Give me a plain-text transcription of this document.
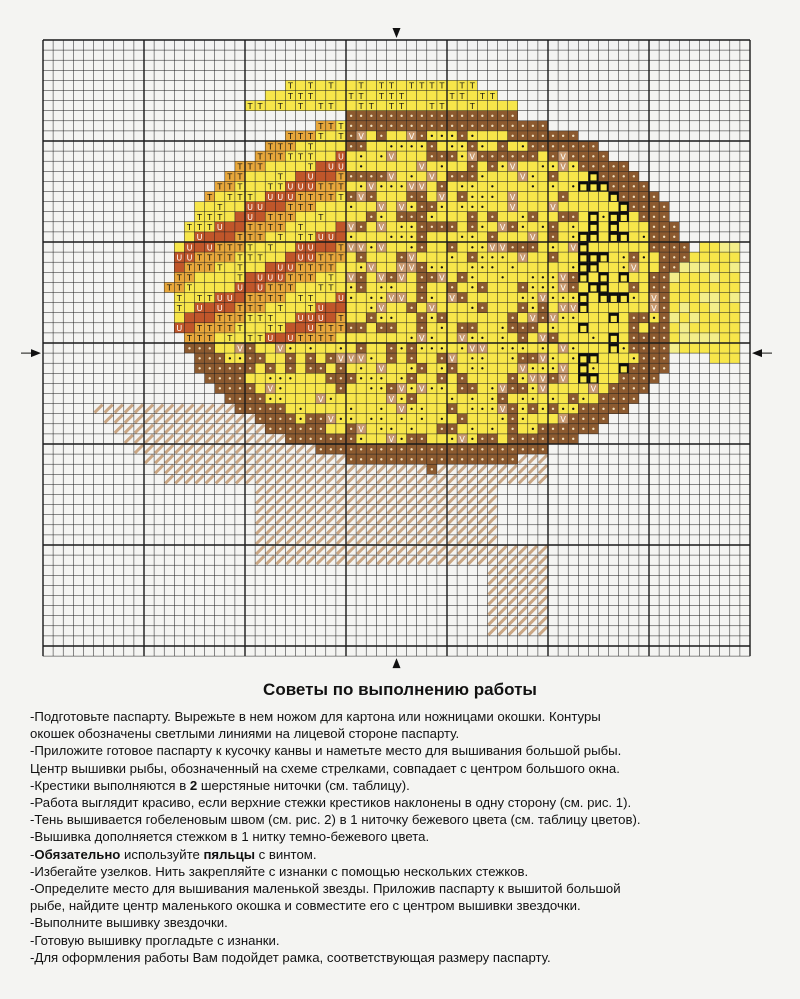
T T T	T T T T T T T T T
T T T	T T T T T	T T T T
T T T T T T	T T T T	T T	T
• • • • • • • • • • • • • • • • •
T T T • • • • • • • • • • • • • • • • • • • •
T T T T T • V •	V • • • • • •	• • • • • • •
T T T T	• •	• • • • • • • • • • • • • • • • • •
T T T T T T	U • • V	• • • • V • • • • • • • V • • • •
T T T	T U U •	V •	• • • V	• • V • • • • • •
T T	T	U	T • • • • V • V • • • •	V • •	■ • • • •
T T T	T T U U U T T T • V • • • V V • • • •	• • • ■ ■ ■ • • • •
T T T T U U U T T T T T • V •	• • V • • • • V	•	■ • • • •
T	U U	T T T	•	V V • • • • • • •	V	V	■ • • • •
T T T	U T T T	T	• • • • • •	• •	• •	• • ■ • ■ ■ • • •
T T T U	T T T T T	V • V • • • • • • • • V • • • • • ■ ■	• • •
U	T T T T T T U U •	• • • •	• • •	V • • ■ ■ ■ ■ • • • •
U U T T T T T	U U	T V V • V	• •	• • • V V • • • • V ■	• • • •
U U T T T T T T T	U U T T T •	• V	• • • • • V	•	■ ■ ■ • • • • • •
T T T T T	U U T T T T	• V	V V • • •	• • • •	• ■ ■	• V	• •
T T	T U U U T T T T V • V • V • • V • •	•	• • • V • ■ ■ ■	• •
T T T	U U T T T	T T • • • •	•	• • •	• • • • V • ■ ■	• • •
T T T U U T T T T T T	U • • • V V • • V •	• • V • • • ■ ■ ■ ■ • V •
T U U T T T T	T U	• V	• V	• •	• • • V V ■	V •
T T T T T T	U U U T	• • •	• • •	• V • V • •	■ • • • •
U T T T T T	T T	U T T T • • • •	• • • •	• • • • •	■	• • •
T T T T T T U U T T T T	• V •	V • • • • V •	• ■ • • • •
• • •	V •	V • •	• •	• • • • • • • V V • • • • V •	■ • • • • •
• • • • • • •	• • • V V V • • •	• V • •	• • • V • • ■ ■	• • • •
• • • • • • • • • • • • V	• • • • • •	V • • • V ■ •	■ • • • •
• • • •	• • •	• • • • • • • •	• •	• • V V • V ■ ■	• • • •
• • • • V •	•	• • • V • V • • • • • V • • • V	V • • • •
• • • • • •	V •	V • •	• • • • • • • • • • • • •
• • • • • •	•	• V • •	• • • • V • • • • • • • • • • • •
• • • • • • • V • • • • • • • •	• • •	V • • • •
• • • • • •	• V • • •	• • • • • • • • • • • •
• • • • • • • •	V • • •	• V • • • • • • • • • •
• • • • • • • • • • • • • • • • • • • • • • •
• • • • • • • • • • • • • • • • •
•
Советы по выполнению работы
-Подготовьте паспарту. Вырежьте в нем ножом для картона или ножницами окошки. Контуры
окошек обозначены светлыми линиями на лицевой стороне паспарту.
-Приложите готовое паспарту к кусочку канвы и наметьте место для вышивания большой рыбы.
Центр вышивки рыбы, обозначенный на схеме стрелками, совпадает с центром большого окна.
-Крестики выполняются в 2 шерстяные ниточки (см. таблицу).
-Работа выглядит красиво, если верхние стежки крестиков наклонены в одну сторону (см. рис. 1).
-Тень вышивается гобеленовым швом (см. рис. 2) в 1 ниточку бежевого цвета (см. таблицу цветов).
-Вышивка дополняется стежком в 1 нитку темно-бежевого цвета.
-Обязательно используйте пяльцы с винтом.
-Избегайте узелков. Нить закрепляйте с изнанки с помощью нескольких стежков.
-Определите место для вышивания маленькой звезды. Приложив паспарту к вышитой большой
рыбе, найдите центр маленького окошка и совместите его с центром вышивки звездочки.
-Выполните вышивку звездочки.
-Готовую вышивку прогладьте с изнанки.
-Для оформления работы Вам подойдет рамка, соответствующая размеру паспарту.
